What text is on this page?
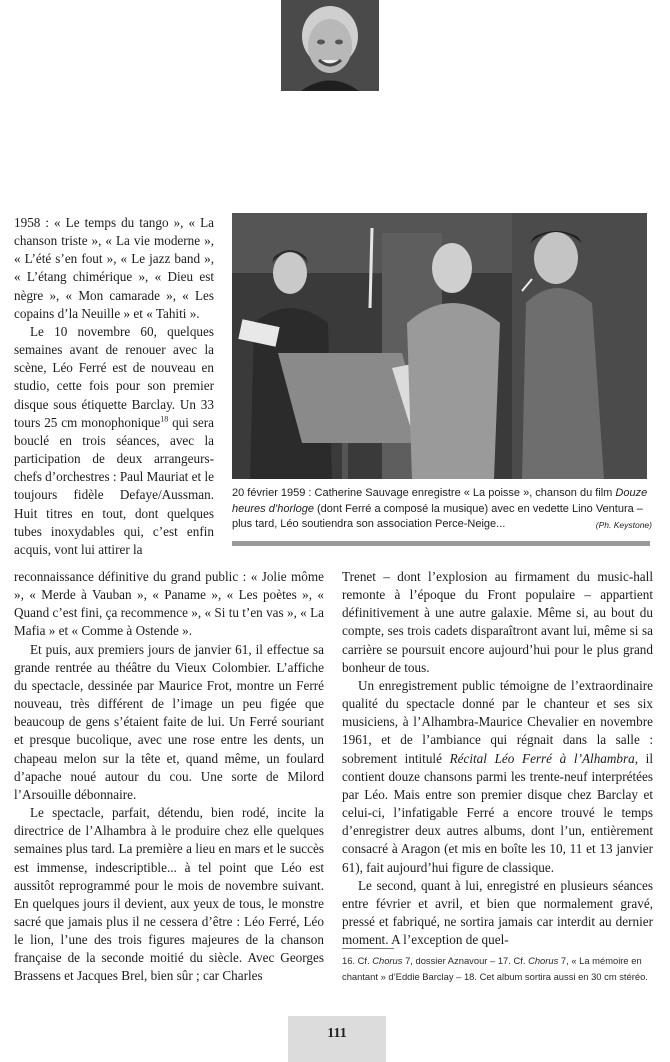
20 février 1959 : Catherine Sauvage enregistre « La poisse », chanson du film Douze heures d’horloge (dont Ferré a composé la musique) avec en vedette Lino Ventura – plus tard, Léo soutiendra son association Perce-Neige...	(Ph. Keystone)

1958 : « Le temps du tango », « La chanson triste », « La vie moderne », « L’été s’en fout », « Le jazz band », « L’étang chimérique », « Dieu est nègre », « Mon camarade », « Les copains d’la Neuille » et « Tahiti ».

Le 10 novembre 60, quelques semaines avant de renouer avec la scène, Léo Ferré est de nouveau en studio, cette fois pour son premier disque sous étiquette Barclay. Un 33 tours 25 cm monophonique$^{18}$ qui sera bouclé en trois séances, avec la participation de deux arrangeurs-chefs d’orchestres : Paul Mauriat et le toujours fidèle Defaye/Aussman. Huit titres en tout, dont quelques tubes inoxydables qui, c’est enfin acquis, vont lui attirer la

reconnaissance définitive du grand public : « Jolie môme », « Merde à Vauban », « Paname », « Les poètes », « Quand c’est fini, ça recommence », « Si tu t’en vas », « La Mafia » et « Comme à Ostende ».

Et puis, aux premiers jours de janvier 61, il effectue sa grande rentrée au théâtre du Vieux Colombier. L’affiche du spectacle, dessinée par Maurice Frot, montre un Ferré nouveau, très différent de l’image un peu figée que beaucoup de gens s’étaient faite de lui. Un Ferré souriant et presque bucolique, avec une rose entre les dents, un chapeau melon sur la tête et, quand même, un foulard d’apache noué autour du cou. Une sorte de Milord l’Arsouille débonnaire.

Le spectacle, parfait, détendu, bien rodé, incite la directrice de l’Alhambra à le produire chez elle quelques semaines plus tard. La première a lieu en mars et le succès est immense, indescriptible... à tel point que Léo est aussitôt reprogrammé pour le mois de novembre suivant. En quelques jours il devient, aux yeux de tous, le monstre sacré que jamais plus il ne cessera d’être : Léo Ferré, Léo le lion, l’une des trois figures majeures de la chanson française de la seconde moitié du siècle. Avec Georges Brassens et Jacques Brel, bien sûr ; car Charles

Trenet – dont l’explosion au firmament du music-hall remonte à l’époque du Front populaire – appartient définitivement à une autre galaxie. Même si, au bout du compte, ses trois cadets disparaîtront avant lui, même si sa carrière se poursuit encore aujourd’hui pour le plus grand bonheur de tous.

Un enregistrement public témoigne de l’extraordinaire qualité du spectacle donné par le chanteur et ses six musiciens, à l’Alhambra-Maurice Chevalier en novembre 1961, et de l’ambiance qui régnait dans la salle : sobrement intitulé Récital Léo Ferré à l’Alhambra, il contient douze chansons parmi les trente-neuf interprétées par Léo. Mais entre son premier disque chez Barclay et celui-ci, l’infatigable Ferré a encore trouvé le temps d’enregistrer deux autres albums, dont l’un, entièrement consacré à Aragon (et mis en boîte les 10, 11 et 13 janvier 61), fait aujourd’hui figure de classique.

Le second, quant à lui, enregistré en plusieurs séances entre février et avril, et bien que normalement gravé, pressé et fabriqué, ne sortira jamais car interdit au dernier moment. A l’exception de quel-

16. Cf. Chorus 7, dossier Aznavour – 17. Cf. Chorus 7, « La mémoire en chantant » d’Eddie Barclay – 18. Cet album sortira aussi en 30 cm stéréo.
111
